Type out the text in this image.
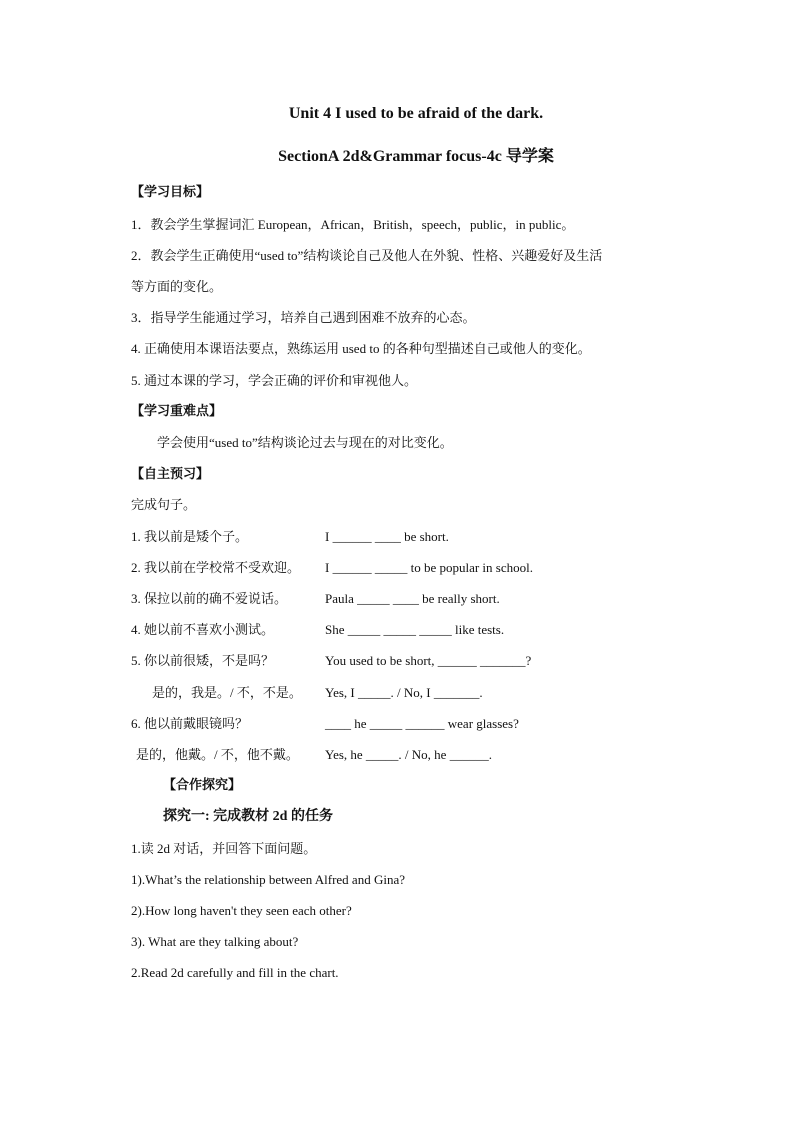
Unit 4 I used to be afraid of the dark.
SectionA 2d&Grammar focus-4c 导学案
【学习目标】
1．教会学生掌握词汇 European，African，British，speech，public，in public。
2．教会学生正确使用“used to”结构谈论自己及他人在外貌、性格、兴趣爱好及生活
等方面的变化。
3．指导学生能通过学习，培养自己遇到困难不放弃的心态。
4. 正确使用本课语法要点，熟练运用 used to 的各种句型描述自己或他人的变化。
5. 通过本课的学习，学会正确的评价和审视他人。
【学习重难点】
学会使用“used to”结构谈论过去与现在的对比变化。
【自主预习】
完成句子。
1. 我以前是矮个子。	I ______ ____ be short.
2. 我以前在学校常不受欢迎。 I ______ _____ to be popular in school.
3. 保拉以前的确不爱说话。	Paula _____ ____ be really short.
4. 她以前不喜欢小测试。	She _____ _____ _____ like tests.
5. 你以前很矮，不是吗？	You used to be short, ______ _______?
是的，我是。/ 不，不是。 Yes, I _____. / No, I _______.
6. 他以前戴眼镜吗？	____ he _____ ______ wear glasses?
是的，他戴。/ 不，他不戴。 Yes, he _____. / No, he ______.
【合作探究】
探究一: 完成教材 2d 的任务
1.读 2d 对话，并回答下面问题。
1).What’s the relationship between Alfred and Gina?
2).How long haven't they seen each other?
3). What are they talking about?
2.Read 2d carefully and fill in the chart.
